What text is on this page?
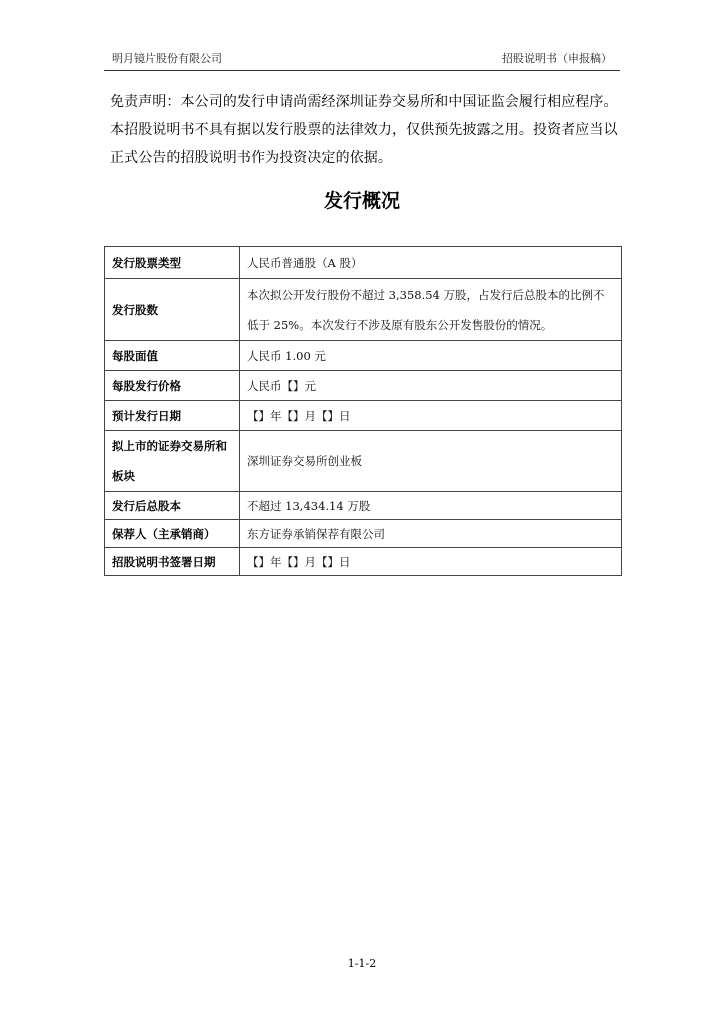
明月镜片股份有限公司	招股说明书（申报稿）
免责声明：本公司的发行申请尚需经深圳证券交易所和中国证监会履行相应程序。本招股说明书不具有据以发行股票的法律效力，仅供预先披露之用。投资者应当以正式公告的招股说明书作为投资决定的依据。
发行概况
发行股票类型	人民币普通股（A 股）
发行股数	本次拟公开发行股份不超过 3,358.54 万股，占发行后总股本的比例不低于 25%。本次发行不涉及原有股东公开发售股份的情况。

每股面值	人民币 1.00 元
每股发行价格	人民币【】元
预计发行日期	【】年【】月【】日

拟上市的证券交易所和板块	深圳证券交易所创业板
发行后总股本	不超过 13,434.14 万股
保荐人（主承销商）	东方证券承销保荐有限公司
招股说明书签署日期	【】年【】月【】日
1-1-2
